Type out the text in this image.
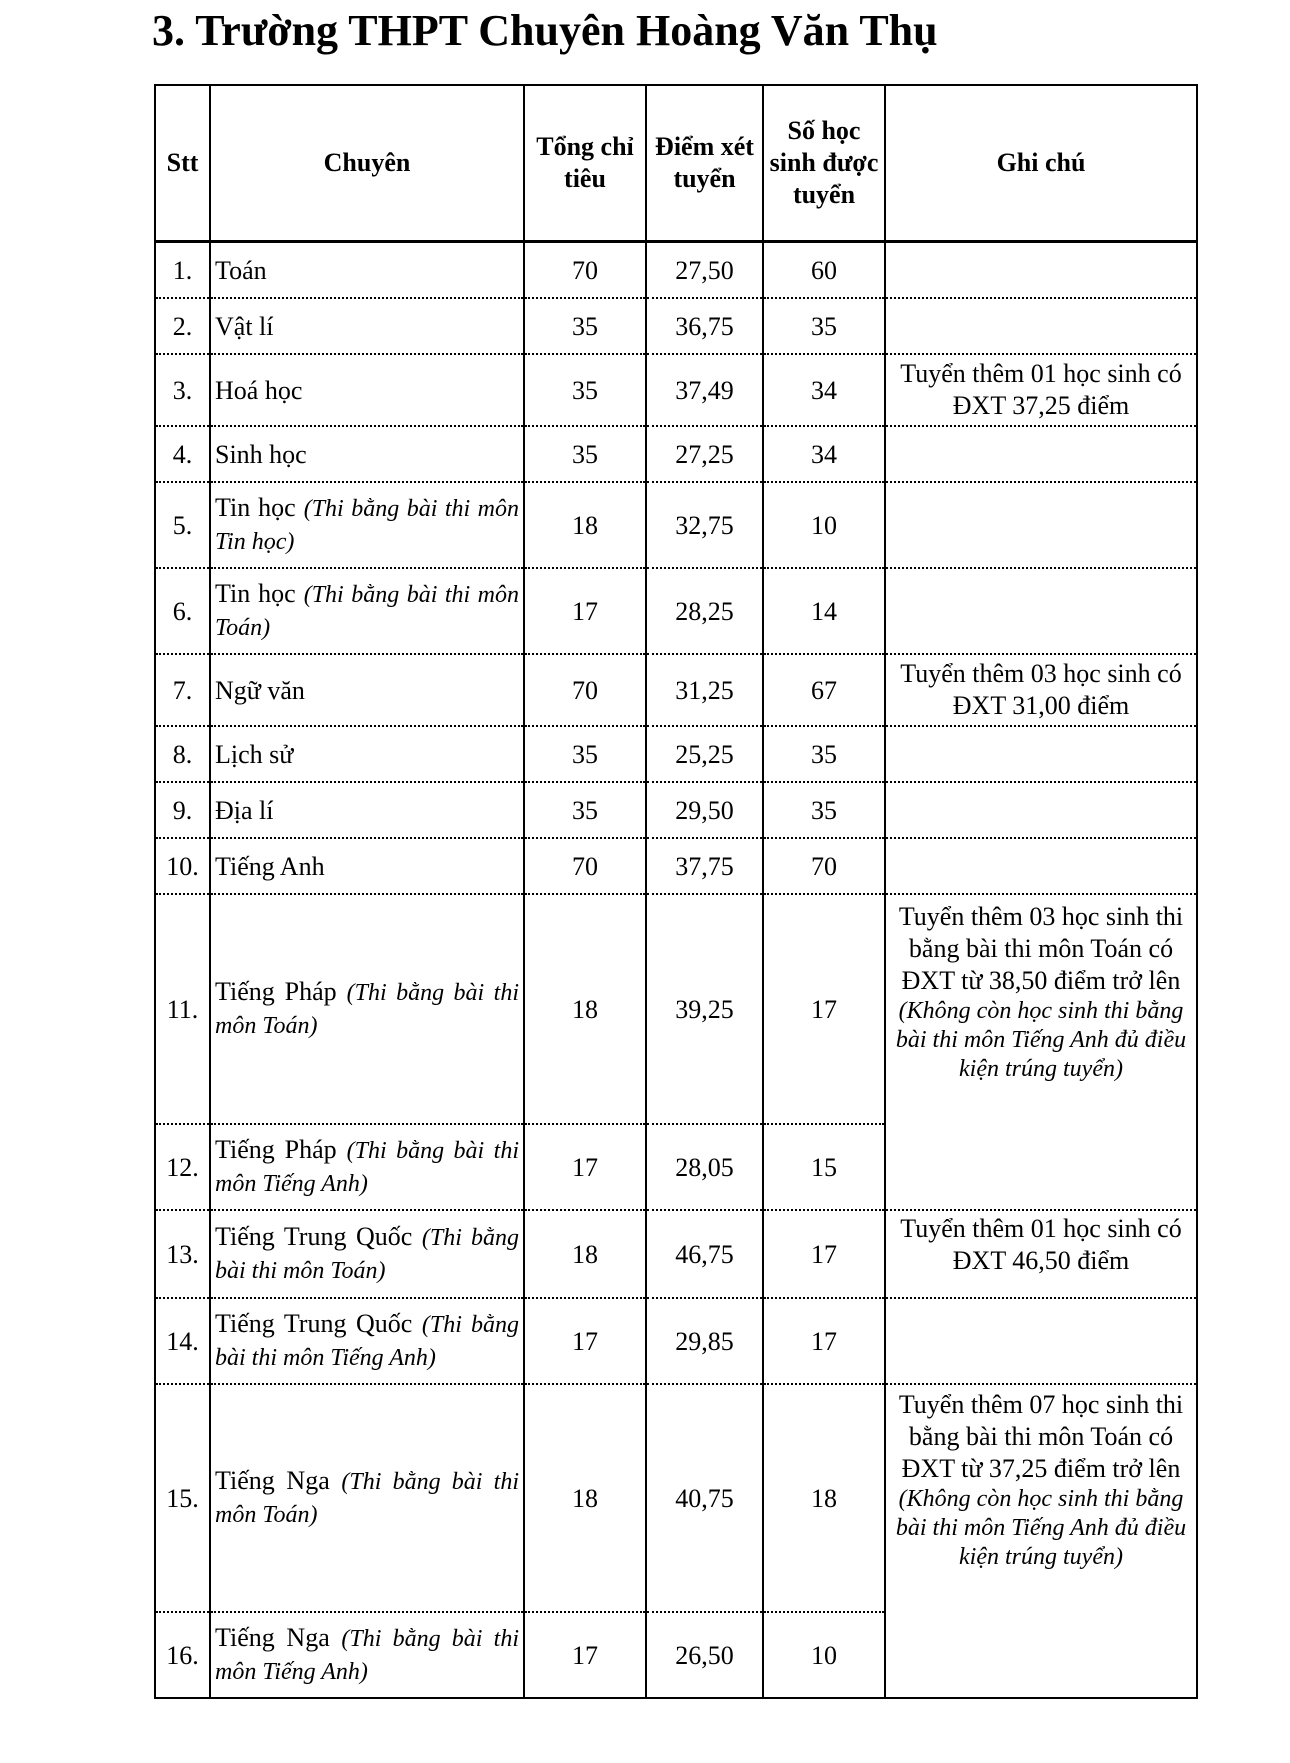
3. Trường THPT Chuyên Hoàng Văn Thụ
Stt	Chuyên	Tổng chỉ tiêu	Điểm xét tuyển	Số học sinh được tuyển	Ghi chú
1.	Toán	70	27,50	60	
2.	Vật lí	35	36,75	35	
3.	Hoá học	35	37,49	34	Tuyển thêm 01 học sinh có ĐXT 37,25 điểm
4.	Sinh học	35	27,25	34	
5.	Tin học (Thi bằng bài thi môn Tin học)	18	32,75	10	
6.	Tin học (Thi bằng bài thi môn Toán)	17	28,25	14	
7.	Ngữ văn	70	31,25	67	Tuyển thêm 03 học sinh có ĐXT 31,00 điểm
8.	Lịch sử	35	25,25	35	
9.	Địa lí	35	29,50	35	
10.	Tiếng Anh	70	37,75	70	
11.	Tiếng Pháp (Thi bằng bài thi môn Toán)	18	39,25	17	Tuyển thêm 03 học sinh thi bằng bài thi môn Toán có ĐXT từ 38,50 điểm trở lên
(Không còn học sinh thi bằng bài thi môn Tiếng Anh đủ điều kiện trúng tuyển)

12.	Tiếng Pháp (Thi bằng bài thi môn Tiếng Anh)	17	28,05	15	
13.	Tiếng Trung Quốc (Thi bằng bài thi môn Toán)	18	46,75	17	Tuyển thêm 01 học sinh có ĐXT 46,50 điểm
14.	Tiếng Trung Quốc (Thi bằng bài thi môn Tiếng Anh)	17	29,85	17	
15.	Tiếng Nga (Thi bằng bài thi môn Toán)	18	40,75	18	Tuyển thêm 07 học sinh thi bằng bài thi môn Toán có ĐXT từ 37,25 điểm trở lên
(Không còn học sinh thi bằng bài thi môn Tiếng Anh đủ điều kiện trúng tuyển)

16.	Tiếng Nga (Thi bằng bài thi môn Tiếng Anh)	17	26,50	10	
